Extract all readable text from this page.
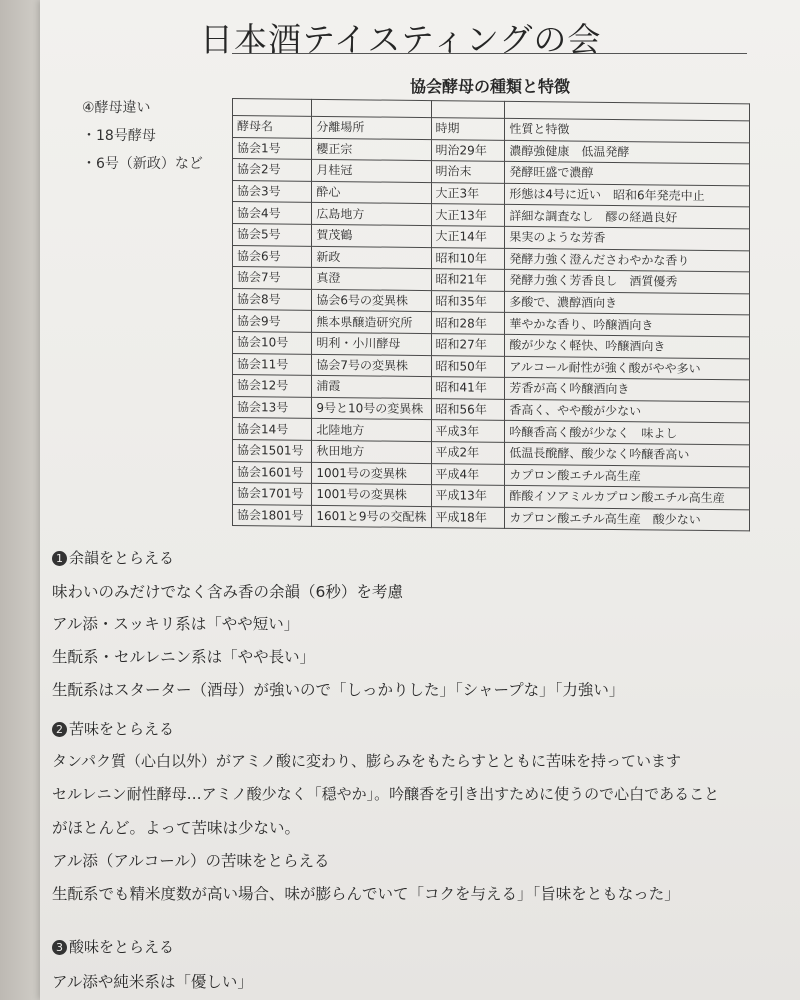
日本酒テイスティングの会
④酵母違い
・18号酵母
・6号（新政）など
協会酵母の種類と特徴

酵母名	分離場所	時期	性質と特徴
協会1号	櫻正宗	明治29年	濃醇強健康　低温発酵
協会2号	月桂冠	明治末	発酵旺盛で濃醇
協会3号	酔心	大正3年	形態は4号に近い　昭和6年発売中止
協会4号	広島地方	大正13年	詳細な調査なし　醪の経過良好
協会5号	賀茂鶴	大正14年	果実のような芳香
協会6号	新政	昭和10年	発酵力強く澄んださわやかな香り
協会7号	真澄	昭和21年	発酵力強く芳香良し　酒質優秀
協会8号	協会6号の変異株	昭和35年	多酸で、濃醇酒向き
協会9号	熊本県醸造研究所	昭和28年	華やかな香り、吟醸酒向き
協会10号	明利・小川酵母	昭和27年	酸が少なく軽快、吟醸酒向き
協会11号	協会7号の変異株	昭和50年	アルコール耐性が強く酸がやや多い
協会12号	浦霞	昭和41年	芳香が高く吟醸酒向き
協会13号	9号と10号の変異株	昭和56年	香高く、やや酸が少ない
協会14号	北陸地方	平成3年	吟醸香高く酸が少なく　味よし
協会1501号	秋田地方	平成2年	低温長醗酵、酸少なく吟醸香高い
協会1601号	1001号の変異株	平成4年	カプロン酸エチル高生産
協会1701号	1001号の変異株	平成13年	酢酸イソアミルカプロン酸エチル高生産
協会1801号	1601と9号の交配株	平成18年	カプロン酸エチル高生産　酸少ない
1 余韻をとらえる
味わいのみだけでなく含み香の余韻（6秒）を考慮
アル添・スッキリ系は「やや短い」
生酛系・セルレニン系は「やや長い」
生酛系はスターター（酒母）が強いので「しっかりした」「シャープな」「力強い」
2 苦味をとらえる
タンパク質（心白以外）がアミノ酸に変わり、膨らみをもたらすとともに苦味を持っています
セルレニン耐性酵母…アミノ酸少なく「穏やか」。吟醸香を引き出すために使うので心白であること
がほとんど。よって苦味は少ない。
アル添（アルコール）の苦味をとらえる
生酛系でも精米度数が高い場合、味が膨らんでいて「コクを与える」「旨味をともなった」
3 酸味をとらえる
アル添や純米系は「優しい」
